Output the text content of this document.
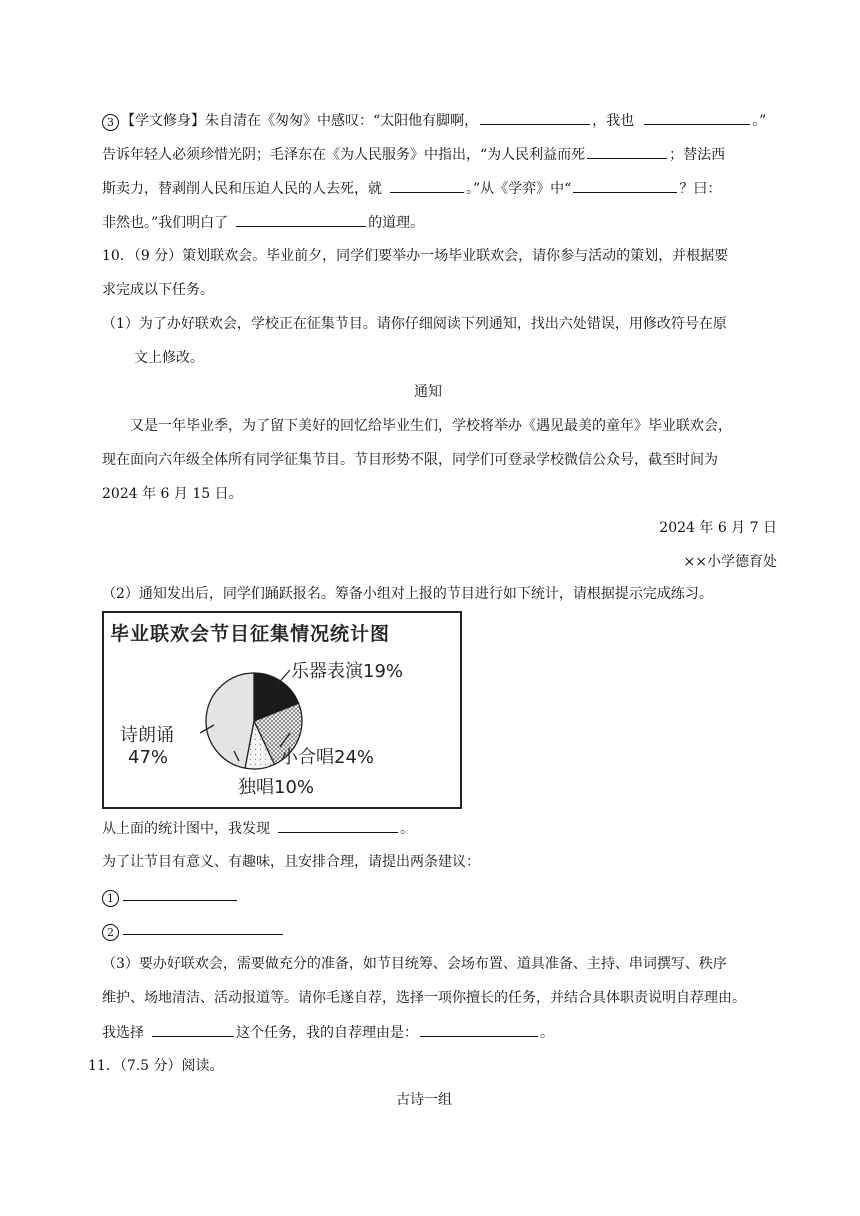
3 【学文修身】朱自清在《匆匆》中感叹：“太阳他有脚啊，	，我也	。”
告诉年轻人必须珍惜光阴；毛泽东在《为人民服务》中指出，“为人民利益而死	；替法西
斯卖力，替剥削人民和压迫人民的人去死，就	。”从《学弈》中“	？曰：
非然也。”我们明白了	的道理。
10．（9 分）策划联欢会。毕业前夕，同学们要举办一场毕业联欢会，请你参与活动的策划，并根据要
求完成以下任务。
（1）为了办好联欢会，学校正在征集节目。请你仔细阅读下列通知，找出六处错误，用修改符号在原
文上修改。
通知
又是一年毕业季，为了留下美好的回忆给毕业生们，学校将举办《遇见最美的童年》毕业联欢会，
现在面向六年级全体所有同学征集节目。节目形势不限，同学们可登录学校微信公众号，截至时间为
2024 年 6 月 15 日。
2024 年 6 月 7 日
××小学德育处
（2）通知发出后，同学们踊跃报名。筹备小组对上报的节目进行如下统计，请根据提示完成练习。
毕业联欢会节目征集情况统计图
乐器表演19%
小合唱24%
独唱10%
诗朗诵
47%
从上面的统计图中，我发现	。
为了让节目有意义、有趣味，且安排合理，请提出两条建议：
1
2
（3）要办好联欢会，需要做充分的准备，如节目统筹、会场布置、道具准备、主持、串词撰写、秩序
维护、场地清洁、活动报道等。请你毛遂自荐，选择一项你擅长的任务，并结合具体职责说明自荐理由。
我选择	这个任务，我的自荐理由是：	。
11．（7.5 分）阅读。
古诗一组
